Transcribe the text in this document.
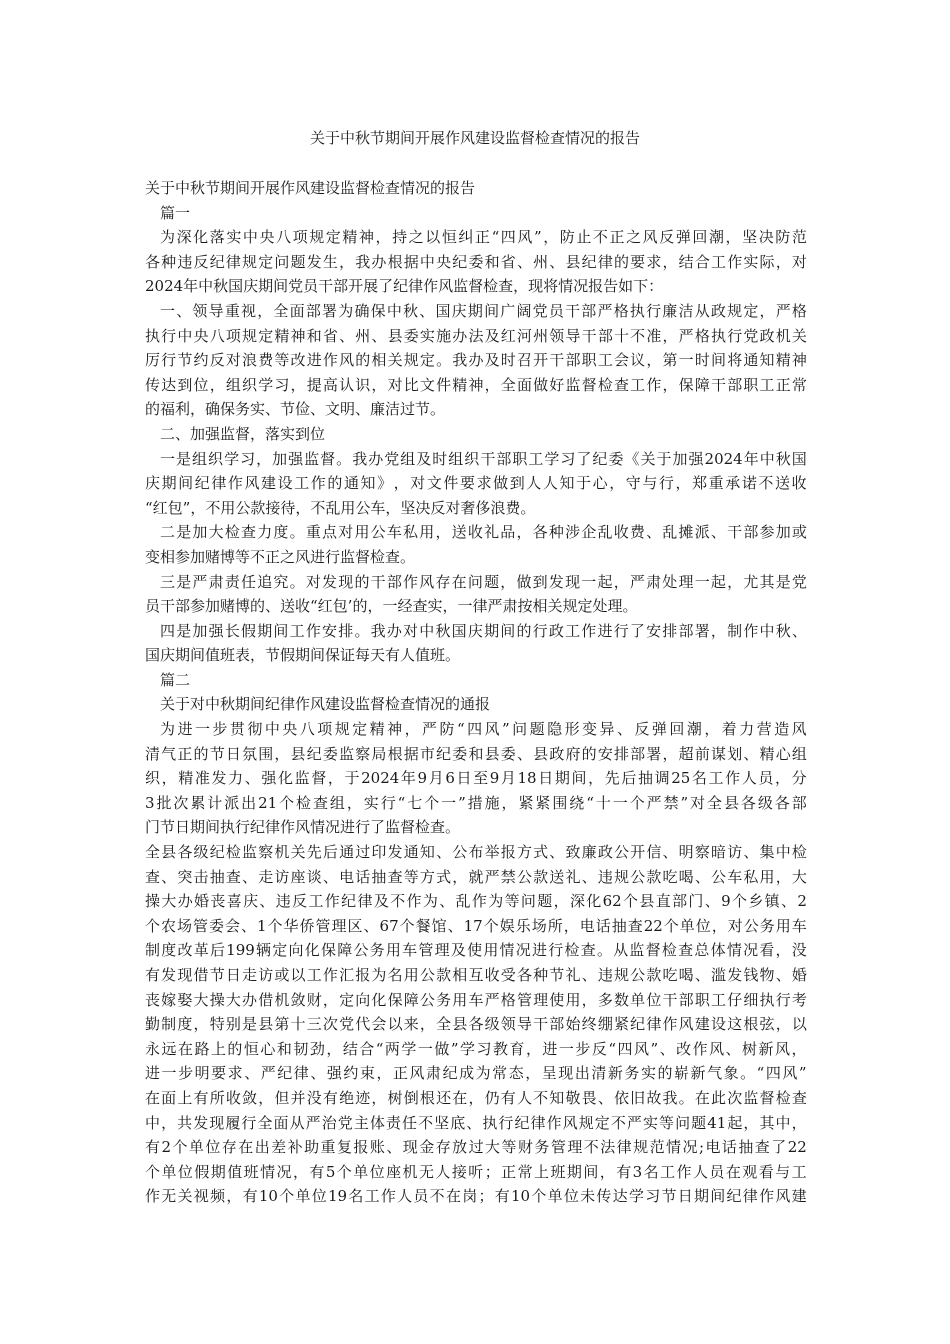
关于中秋节期间开展作风建设监督检查情况的报告
关于中秋节期间开展作风建设监督检查情况的报告
篇一
为 深 化 落 实 中 央 八 项 规 定 精 神 ， 持 之 以 恒 纠 正 “ 四 风 ” ， 防 止 不 正 之 风 反 弹 回 潮 ， 坚 决 防 范
各 种 违 反 纪 律 规 定 问 题 发 生 ， 我 办 根 据 中 央 纪 委 和 省 、 州 、 县 纪 律 的 要 求 ， 结 合 工 作 实 际 ， 对
2024年中秋国庆期间党员干部开展了纪律作风监督检查，现将情况报告如下：
一 、 领 导 重 视 ， 全 面 部 署 为 确 保 中 秋 、 国 庆 期 间 广 阔 党 员 干 部 严 格 执 行 廉 洁 从 政 规 定 ， 严 格
执 行 中 央 八 项 规 定 精 神 和 省 、 州 、 县 委 实 施 办 法 及 红 河 州 领 导 干 部 十 不 准 ， 严 格 执 行 党 政 机 关
厉 行 节 约 反 对 浪 费 等 改 进 作 风 的 相 关 规 定 。 我 办 及 时 召 开 干 部 职 工 会 议 ， 第 一 时 间 将 通 知 精 神
传 达 到 位 ， 组 织 学 习 ， 提 高 认 识 ， 对 比 文 件 精 神 ， 全 面 做 好 监 督 检 查 工 作 ， 保 障 干 部 职 工 正 常
的福利，确保务实、节俭、文明、廉洁过节。
二、加强监督，落实到位
一 是 组 织 学 习 ， 加 强 监 督 。 我 办 党 组 及 时 组 织 干 部 职 工 学 习 了 纪 委 《 关 于 加 强 2024 年 中 秋 国
庆 期 间 纪 律 作 风 建 设 工 作 的 通 知 》 ， 对 文 件 要 求 做 到 人 人 知 于 心 ， 守 与 行 ， 郑 重 承 诺 不 送 收
“红包”，不用公款接待，不乱用公车，坚决反对奢侈浪费。
二 是 加 大 检 查 力 度 。 重 点 对 用 公 车 私 用 ， 送 收 礼 品 ， 各 种 涉 企 乱 收 费 、 乱 摊 派 、 干 部 参 加 或
变相参加赌博等不正之风进行监督检查。
三 是 严 肃 责 任 追 究 。 对 发 现 的 干 部 作 风 存 在 问 题 ， 做 到 发 现 一 起 ， 严 肃 处 理 一 起 ， 尤 其 是 党
员干部参加赌博的、送收“红包’的，一经查实，一律严肃按相关规定处理。
四 是 加 强 长 假 期 间 工 作 安 排 。 我 办 对 中 秋 国 庆 期 间 的 行 政 工 作 进 行 了 安 排 部 署 ， 制 作 中 秋 、
国庆期间值班表，节假期间保证每天有人值班。
篇二
关于对中秋期间纪律作风建设监督检查情况的通报
为 进 一 步 贯 彻 中 央 八 项 规 定 精 神 ， 严 防 “ 四 风 ” 问 题 隐 形 变 异 、 反 弹 回 潮 ， 着 力 营 造 风
清 气 正 的 节 日 氛 围 ， 县 纪 委 监 察 局 根 据 市 纪 委 和 县 委 、 县 政 府 的 安 排 部 署 ， 超 前 谋 划 、 精 心 组
织 ， 精 准 发 力 、 强 化 监 督 ， 于 2024 年 9 月 6 日 至 9 月 18 日 期 间 ， 先 后 抽 调 25 名 工 作 人 员 ， 分
3 批 次 累 计 派 出 21 个 检 查 组 ， 实 行 “ 七 个 一 ” 措 施 ， 紧 紧 围 绕 “ 十 一 个 严 禁 ” 对 全 县 各 级 各 部
门节日期间执行纪律作风情况进行了监督检查。
全 县 各 级 纪 检 监 察 机 关 先 后 通 过 印 发 通 知 、 公 布 举 报 方 式 、 致 廉 政 公 开 信 、 明 察 暗 访 、 集 中 检
查 、 突 击 抽 查 、 走 访 座 谈 、 电 话 抽 查 等 方 式 ， 就 严 禁 公 款 送 礼 、 违 规 公 款 吃 喝 、 公 车 私 用 ， 大
操 大 办 婚 丧 喜 庆 、 违 反 工 作 纪 律 及 不 作 为 、 乱 作 为 等 问 题 ， 深 化 62 个 县 直 部 门 、 9 个 乡 镇 、 2
个 农 场 管 委 会 、 1 个 华 侨 管 理 区 、 67 个 餐 馆 、 17 个 娱 乐 场 所 ， 电 话 抽 查 22 个 单 位 ， 对 公 务 用 车
制 度 改 革 后 199 辆 定 向 化 保 障 公 务 用 车 管 理 及 使 用 情 况 进 行 检 查 。 从 监 督 检 查 总 体 情 况 看 ， 没
有 发 现 借 节 日 走 访 或 以 工 作 汇 报 为 名 用 公 款 相 互 收 受 各 种 节 礼 、 违 规 公 款 吃 喝 、 滥 发 钱 物 、 婚
丧 嫁 娶 大 操 大 办 借 机 敛 财 ， 定 向 化 保 障 公 务 用 车 严 格 管 理 使 用 ， 多 数 单 位 干 部 职 工 仔 细 执 行 考
勤 制 度 ， 特 别 是 县 第 十 三 次 党 代 会 以 来 ， 全 县 各 级 领 导 干 部 始 终 绷 紧 纪 律 作 风 建 设 这 根 弦 ， 以
永 远 在 路 上 的 恒 心 和 韧 劲 ， 结 合 “ 两 学 一 做 ” 学 习 教 育 ， 进 一 步 反 “ 四 风 ” 、 改 作 风 、 树 新 风 ，
进 一 步 明 要 求 、 严 纪 律 、 强 约 束 ， 正 风 肃 纪 成 为 常 态 ， 呈 现 出 清 新 务 实 的 崭 新 气 象 。 “ 四 风 ”
在 面 上 有 所 收 敛 ， 但 并 没 有 绝 迹 ， 树 倒 根 还 在 ， 仍 有 人 不 知 敬 畏 、 依 旧 故 我 。 在 此 次 监 督 检 查
中 ， 共 发 现 履 行 全 面 从 严 治 党 主 体 责 任 不 坚 底 、 执 行 纪 律 作 风 规 定 不 严 实 等 问 题 41 起 ， 其 中 ，
有 2 个 单 位 存 在 出 差 补 助 重 复 报 账 、 现 金 存 放 过 大 等 财 务 管 理 不 法 律 规 范 情 况 ; 电 话 抽 查 了 22
个 单 位 假 期 值 班 情 况 ， 有 5 个 单 位 座 机 无 人 接 听 ； 正 常 上 班 期 间 ， 有 3 名 工 作 人 员 在 观 看 与 工
作 无 关 视 频 ， 有 10 个 单 位 19 名 工 作 人 员 不 在 岗 ； 有 10 个 单 位 未 传 达 学 习 节 日 期 间 纪 律 作 风 建
